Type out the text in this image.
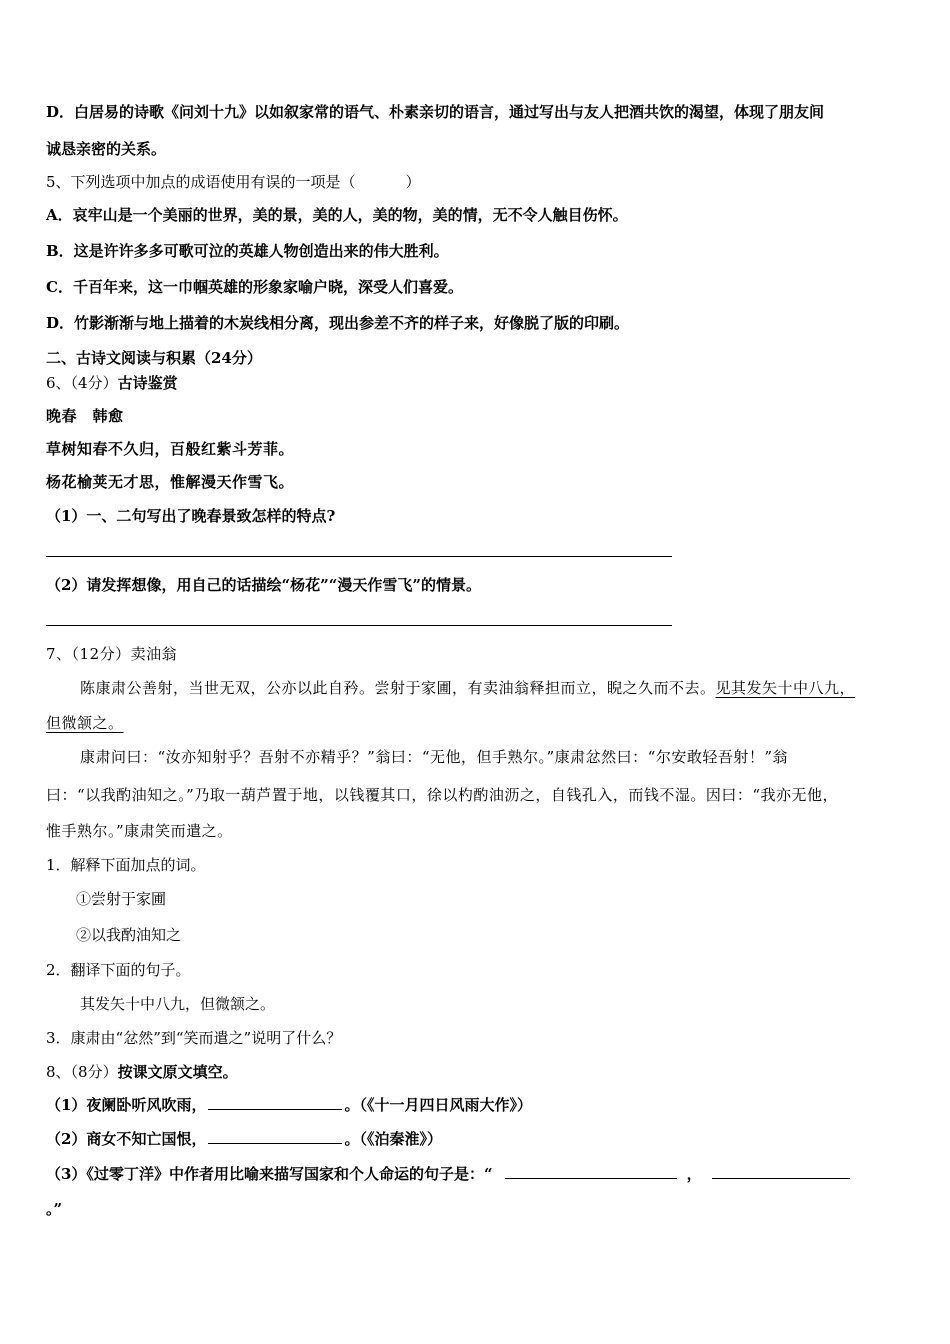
D．白居易的诗歌《问刘十九》以如叙家常的语气、朴素亲切的语言，通过写出与友人把酒共饮的渴望，体现了朋友间
诚恳亲密的关系。
5、下列选项中加点的成语使用有误的一项是（	）
A．哀牢山是一个美丽的世界，美的景，美的人，美的物，美的情，无不令人触目伤怀。
B．这是许许多多可歌可泣的英雄人物创造出来的伟大胜利。
C．千百年来，这一巾帼英雄的形象家喻户晓，深受人们喜爱。
D．竹影渐渐与地上描着的木炭线相分离，现出参差不齐的样子来，好像脱了版的印刷。
二、古诗文阅读与积累（24分）
6、（4分）古诗鉴赏
晚春　韩愈
草树知春不久归，百般红紫斗芳菲。
杨花榆荚无才思，惟解漫天作雪飞。
（1）一、二句写出了晚春景致怎样的特点?
（2）请发挥想像，用自己的话描绘“杨花”“漫天作雪飞”的情景。
7、（12分）卖油翁
陈康肃公善射，当世无双，公亦以此自矜。尝射于家圃，有卖油翁释担而立，睨之久而不去。见其发矢十中八九，
但微颔之。
康肃问曰：“汝亦知射乎？吾射不亦精乎？”翁曰：“无他，但手熟尔。”康肃忿然曰：“尔安敢轻吾射！”翁
曰：“以我酌油知之。”乃取一葫芦置于地，以钱覆其口，徐以杓酌油沥之，自钱孔入，而钱不湿。因曰：“我亦无他，
惟手熟尔。”康肃笑而遣之。
1．解释下面加点的词。
①尝射于家圃
②以我酌油知之
2．翻译下面的句子。
其发矢十中八九，但微颔之。
3．康肃由“忿然”到“笑而遣之”说明了什么？
8、（8分）按课文原文填空。
（1）夜阑卧听风吹雨，	。（《十一月四日风雨大作》）
（2）商女不知亡国恨，	。（《泊秦淮》）
（3）《过零丁洋》中作者用比喻来描写国家和个人命运的句子是：“	，
。”
